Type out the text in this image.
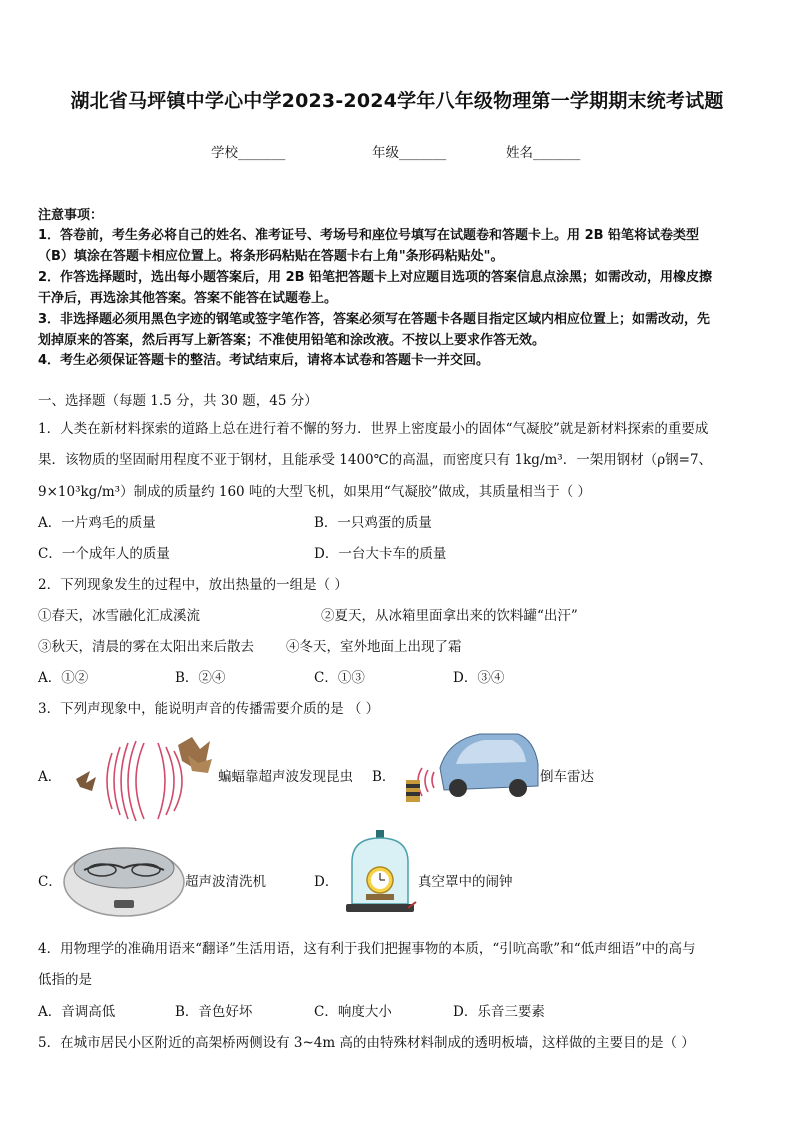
湖北省马坪镇中学心中学2023-2024学年八年级物理第一学期期末统考试题
学校_______	年级_______	姓名_______
注意事项：
1．答卷前，考生务必将自己的姓名、准考证号、考场号和座位号填写在试题卷和答题卡上。用 2B 铅笔将试卷类型
（B）填涂在答题卡相应位置上。将条形码粘贴在答题卡右上角"条形码粘贴处"。
2．作答选择题时，选出每小题答案后，用 2B 铅笔把答题卡上对应题目选项的答案信息点涂黑；如需改动，用橡皮擦
干净后，再选涂其他答案。答案不能答在试题卷上。
3．非选择题必须用黑色字迹的钢笔或签字笔作答，答案必须写在答题卡各题目指定区域内相应位置上；如需改动，先
划掉原来的答案，然后再写上新答案；不准使用铅笔和涂改液。不按以上要求作答无效。
4．考生必须保证答题卡的整洁。考试结束后，请将本试卷和答题卡一并交回。
一、选择题（每题 1.5 分，共 30 题，45 分）
1．人类在新材料探索的道路上总在进行着不懈的努力．世界上密度最小的固体“气凝胶”就是新材料探索的重要成
果．该物质的坚固耐用程度不亚于钢材，且能承受 1400℃的高温，而密度只有 1kg/m³．一架用钢材（ρ钢=7、
9×10³kg/m³）制成的质量约 160 吨的大型飞机，如果用“气凝胶”做成，其质量相当于（ ）
A．一片鸡毛的质量	B．一只鸡蛋的质量
C．一个成年人的质量	D．一台大卡车的质量
2．下列现象发生的过程中，放出热量的一组是（ ）
①春天，冰雪融化汇成溪流	②夏天，从冰箱里面拿出来的饮料罐“出汗”
③秋天，清晨的雾在太阳出来后散去 ④冬天，室外地面上出现了霜
A．①②	B．②④	C．①③	D．③④
3．下列声现象中，能说明声音的传播需要介质的是 （ ）
A．	蝙蝠靠超声波发现昆虫 B．	倒车雷达
C．	超声波清洗机	D．	真空罩中的闹钟
4．用物理学的准确用语来“翻译”生活用语，这有利于我们把握事物的本质，“引吭高歌”和“低声细语”中的高与
低指的是
A．音调高低	B．音色好坏	C．响度大小	D．乐音三要素
5．在城市居民小区附近的高架桥两侧设有 3~4m 高的由特殊材料制成的透明板墙，这样做的主要目的是（ ）
